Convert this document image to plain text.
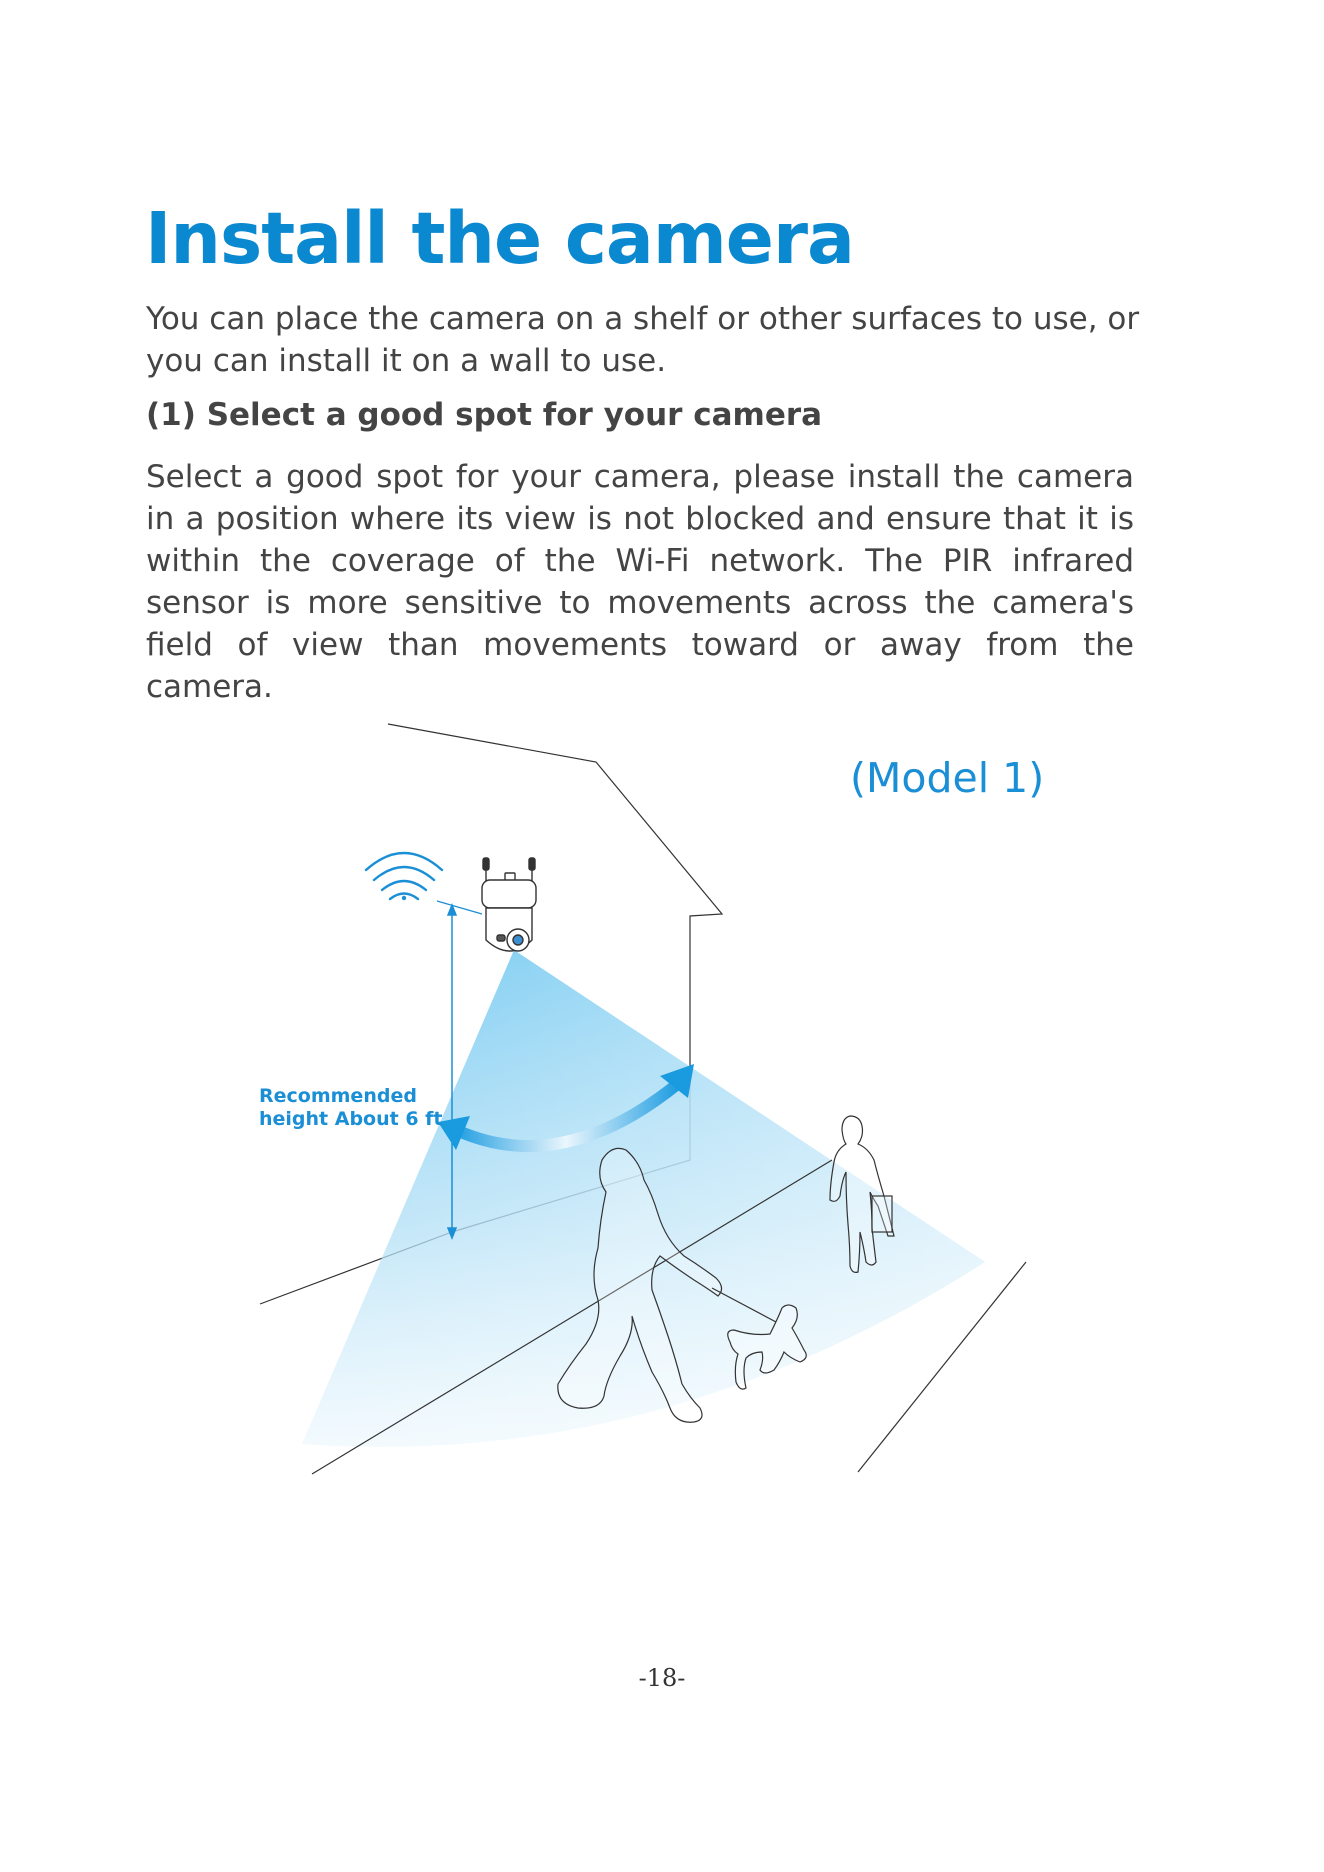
Install the camera

You can place the camera on a shelf or other surfaces to use, or you can install it on a wall to use.

(1) Select a good spot for your camera

Select a good spot for your camera, please install the camera in a position where its view is not blocked and ensure that it is within the coverage of the Wi-Fi network. The PIR infrared sensor is more sensitive to movements across the camera's field of view than movements toward or away from the camera.

(Model 1)

Recommended
height About 6 ft

-18-
